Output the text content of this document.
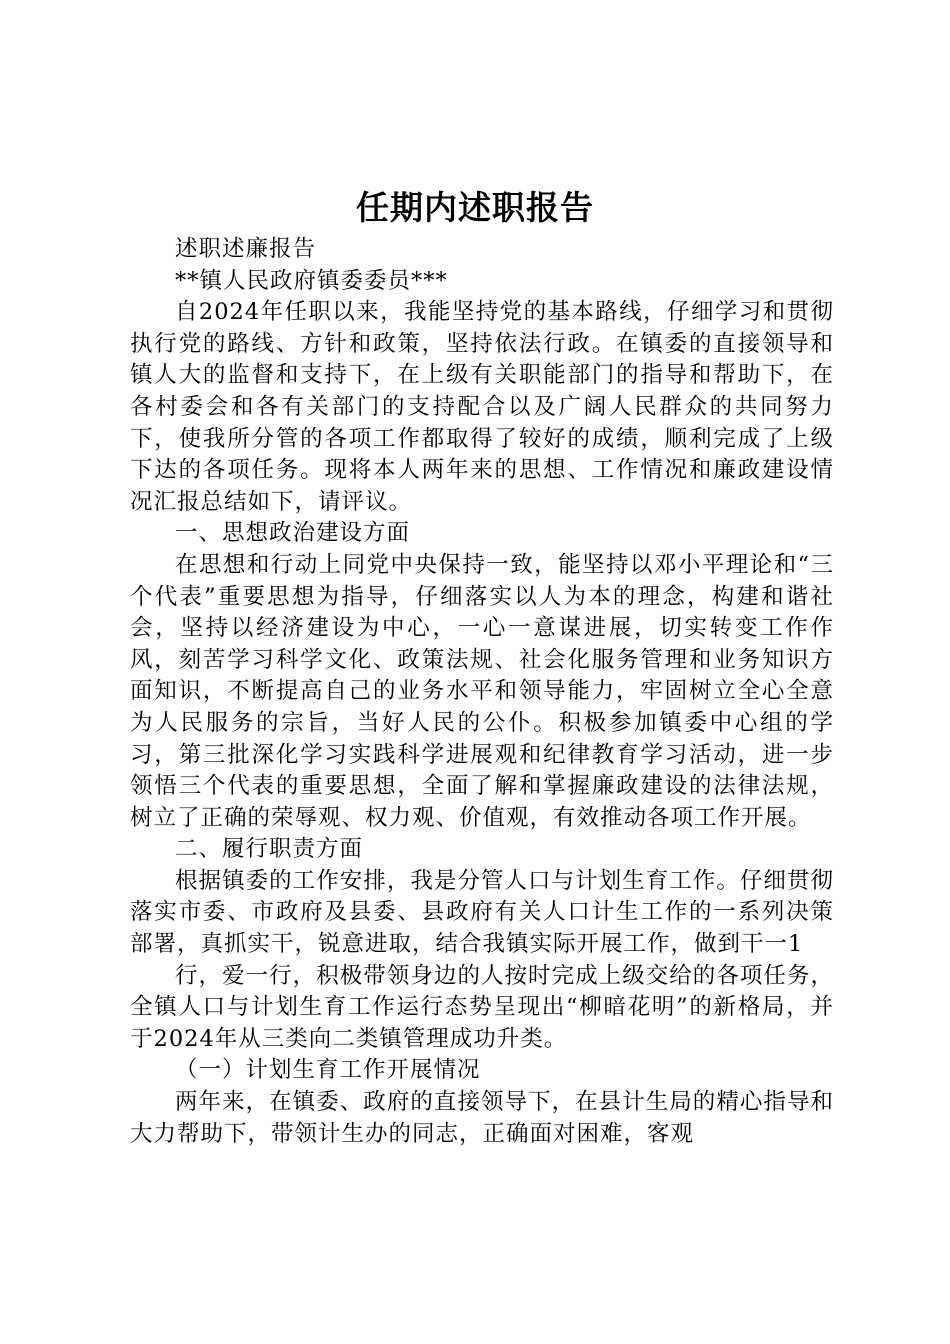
任期内述职报告

述职述廉报告

**镇人民政府镇委委员***

自2024年任职以来，我能坚持党的基本路线，仔细学习和贯彻执行党的路线、方针和政策，坚持依法行政。在镇委的直接领导和镇人大的监督和支持下，在上级有关职能部门的指导和帮助下，在各村委会和各有关部门的支持配合以及广阔人民群众的共同努力下，使我所分管的各项工作都取得了较好的成绩，顺利完成了上级下达的各项任务。现将本人两年来的思想、工作情况和廉政建设情况汇报总结如下，请评议。

一、思想政治建设方面

在思想和行动上同党中央保持一致，能坚持以邓小平理论和“三个代表”重要思想为指导，仔细落实以人为本的理念，构建和谐社会，坚持以经济建设为中心，一心一意谋进展，切实转变工作作风，刻苦学习科学文化、政策法规、社会化服务管理和业务知识方面知识，不断提高自己的业务水平和领导能力，牢固树立全心全意为人民服务的宗旨，当好人民的公仆。积极参加镇委中心组的学习，第三批深化学习实践科学进展观和纪律教育学习活动，进一步领悟三个代表的重要思想，全面了解和掌握廉政建设的法律法规，树立了正确的荣辱观、权力观、价值观，有效推动各项工作开展。

二、履行职责方面

根据镇委的工作安排，我是分管人口与计划生育工作。仔细贯彻落实市委、市政府及县委、县政府有关人口计生工作的一系列决策部署，真抓实干，锐意进取，结合我镇实际开展工作，做到干一1

行，爱一行，积极带领身边的人按时完成上级交给的各项任务，全镇人口与计划生育工作运行态势呈现出“柳暗花明”的新格局，并于2024年从三类向二类镇管理成功升类。

（一）计划生育工作开展情况

两年来，在镇委、政府的直接领导下，在县计生局的精心指导和大力帮助下，带领计生办的同志，正确面对困难，客观
